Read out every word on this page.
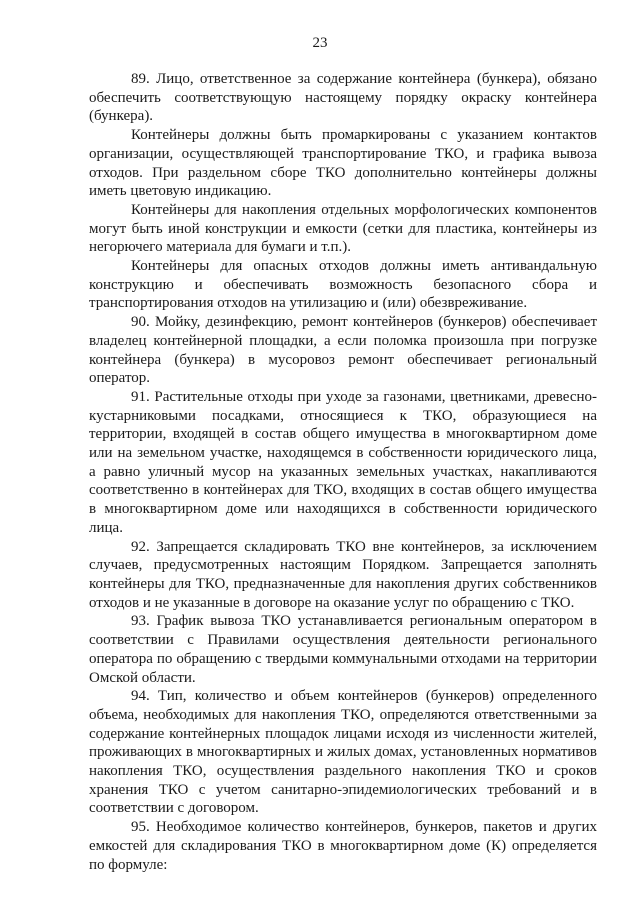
23

89. Лицо, ответственное за содержание контейнера (бункера), обязано обеспечить соответствующую настоящему порядку окраску контейнера (бункера).

Контейнеры должны быть промаркированы с указанием контактов организации, осуществляющей транспортирование ТКО, и графика вывоза отходов. При раздельном сборе ТКО дополнительно контейнеры должны иметь цветовую индикацию.

Контейнеры для накопления отдельных морфологических компонентов могут быть иной конструкции и емкости (сетки для пластика, контейнеры из негорючего материала для бумаги и т.п.).

Контейнеры для опасных отходов должны иметь антивандальную конструкцию и обеспечивать возможность безопасного сбора и транспортирования отходов на утилизацию и (или) обезвреживание.

90. Мойку, дезинфекцию, ремонт контейнеров (бункеров) обеспечивает владелец контейнерной площадки, а если поломка произошла при погрузке контейнера (бункера) в мусоровоз ремонт обеспечивает региональный оператор.

91. Растительные отходы при уходе за газонами, цветниками, древесно-кустарниковыми посадками, относящиеся к ТКО, образующиеся на территории, входящей в состав общего имущества в многоквартирном доме или на земельном участке, находящемся в собственности юридического лица, а равно уличный мусор на указанных земельных участках, накапливаются соответственно в контейнерах для ТКО, входящих в состав общего имущества в многоквартирном доме или находящихся в собственности юридического лица.

92. Запрещается складировать ТКО вне контейнеров, за исключением случаев, предусмотренных настоящим Порядком. Запрещается заполнять контейнеры для ТКО, предназначенные для накопления других собственников отходов и не указанные в договоре на оказание услуг по обращению с ТКО.

93. График вывоза ТКО устанавливается региональным оператором в соответствии с Правилами осуществления деятельности регионального оператора по обращению с твердыми коммунальными отходами на территории Омской области.

94. Тип, количество и объем контейнеров (бункеров) определенного объема, необходимых для накопления ТКО, определяются ответственными за содержание контейнерных площадок лицами исходя из численности жителей, проживающих в многоквартирных и жилых домах, установленных нормативов накопления ТКО, осуществления раздельного накопления ТКО и сроков хранения ТКО с учетом санитарно-эпидемиологических требований и в соответствии с договором.

95. Необходимое количество контейнеров, бункеров, пакетов и других емкостей для складирования ТКО в многоквартирном доме (К) определяется по формуле:
